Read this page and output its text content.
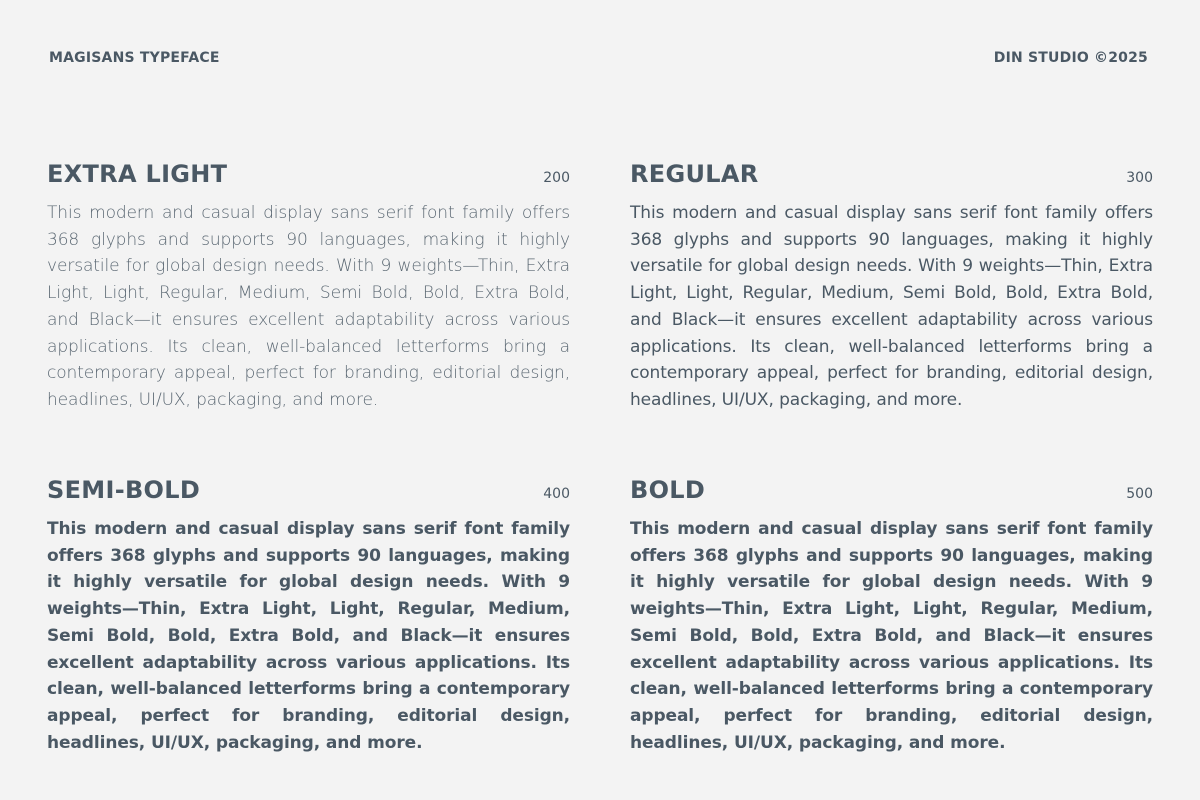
MAGISANS TYPEFACE	DIN STUDIO ©2025
EXTRA LIGHT	200

This modern and casual display sans serif font family offers 368 glyphs and supports 90 languages, making it highly versatile for global design needs. With 9 weights—Thin, Extra Light, Light, Regular, Medium, Semi Bold, Bold, Extra Bold, and Black—it ensures excellent adaptability across various applications. Its clean, well-balanced letterforms bring a contemporary appeal, perfect for branding, editorial design, headlines, UI/UX, packaging, and more.

REGULAR	300

This modern and casual display sans serif font family offers 368 glyphs and supports 90 languages, making it highly versatile for global design needs. With 9 weights—Thin, Extra Light, Light, Regular, Medium, Semi Bold, Bold, Extra Bold, and Black—it ensures excellent adaptability across various applications. Its clean, well-balanced letterforms bring a contemporary appeal, perfect for branding, editorial design, headlines, UI/UX, packaging, and more.

SEMI-BOLD	400

This modern and casual display sans serif font family offers 368 glyphs and supports 90 languages, making it highly versatile for global design needs. With 9 weights—Thin, Extra Light, Light, Regular, Medium, Semi Bold, Bold, Extra Bold, and Black—it ensures excellent adaptability across various applications. Its clean, well-balanced letterforms bring a contemporary appeal, perfect for branding, editorial design, headlines, UI/UX, packaging, and more.

BOLD	500

This modern and casual display sans serif font family offers 368 glyphs and supports 90 languages, making it highly versatile for global design needs. With 9 weights—Thin, Extra Light, Light, Regular, Medium, Semi Bold, Bold, Extra Bold, and Black—it ensures excellent adaptability across various applications. Its clean, well-balanced letterforms bring a contemporary appeal, perfect for branding, editorial design, headlines, UI/UX, packaging, and more.
